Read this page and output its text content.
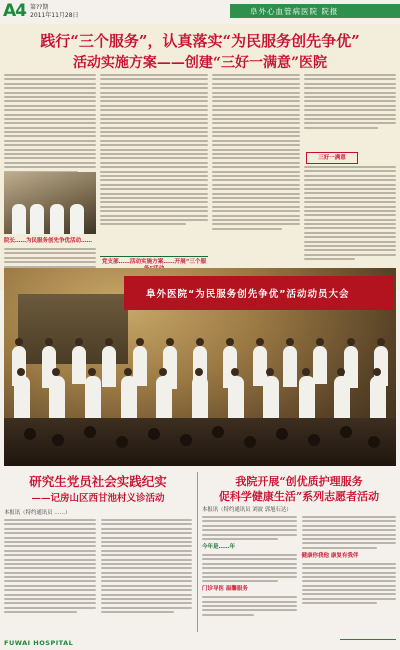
A4 第??期
2011年11月28日	阜外心血管病医院 院报
践行“三个服务”，认真落实“为民服务创先争优”
活动实施方案——创建“三好一满意”医院
院长……为民服务创先争优活动……
党支部……活动实施方案……开展“三个服
三好一满意
阜外医院“为民服务创先争优”活动动员大会
研究生党员社会实践纪实
——记房山区西甘池村义诊活动
本报讯（特约通讯员 ……）
我院开展“创优质护理服务
促科学健康生活”系列志愿者活动
本报讯（特约通讯员 刘波 郭旭石达）
今年是……年
门诊导医 温馨服务
健康你我他 康复有我伴
FUWAI HOSPITAL
